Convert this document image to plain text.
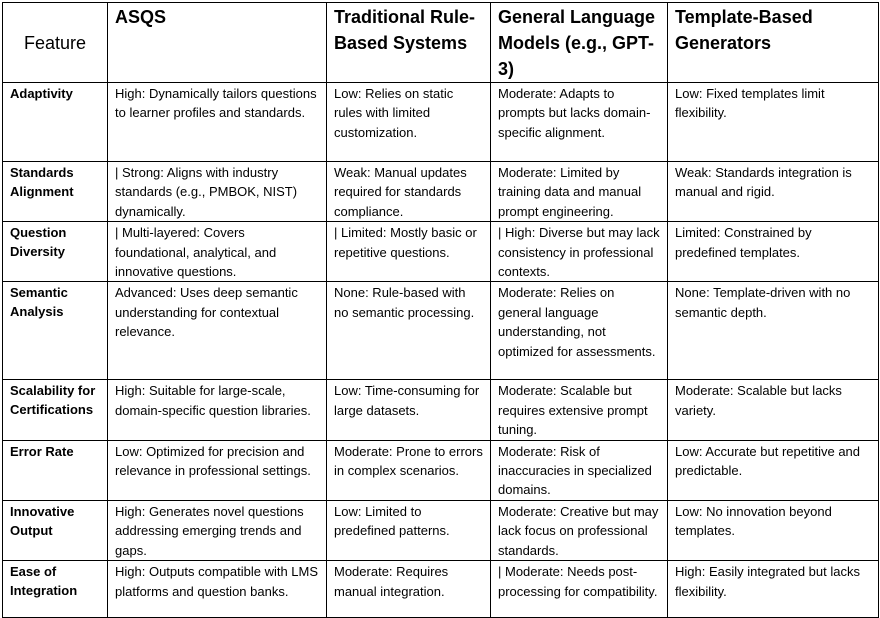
Feature	ASQS	Traditional Rule-Based Systems	General Language Models (e.g., GPT-3)	Template-Based Generators
Adaptivity	High: Dynamically tailors questions to learner profiles and standards.	Low: Relies on static rules with limited customization.	Moderate: Adapts to prompts but lacks domain-specific alignment.	Low: Fixed templates limit flexibility.
Standards Alignment	| Strong: Aligns with industry standards (e.g., PMBOK, NIST) dynamically.	Weak: Manual updates required for standards compliance.	Moderate: Limited by training data and manual prompt engineering.	Weak: Standards integration is manual and rigid.
Question Diversity	| Multi-layered: Covers foundational, analytical, and innovative questions.	| Limited: Mostly basic or repetitive questions.	| High: Diverse but may lack consistency in professional contexts.	Limited: Constrained by predefined templates.
Semantic Analysis	Advanced: Uses deep semantic understanding for contextual relevance.	None: Rule-based with no semantic processing.	Moderate: Relies on general language understanding, not optimized for assessments.	None: Template-driven with no semantic depth.
Scalability for Certifications	High: Suitable for large-scale, domain-specific question libraries.	Low: Time-consuming for large datasets.	Moderate: Scalable but requires extensive prompt tuning.	Moderate: Scalable but lacks variety.
Error Rate	Low: Optimized for precision and relevance in professional settings.	Moderate: Prone to errors in complex scenarios.	Moderate: Risk of inaccuracies in specialized domains.	Low: Accurate but repetitive and predictable.
Innovative Output	High: Generates novel questions addressing emerging trends and gaps.	Low: Limited to predefined patterns.	Moderate: Creative but may lack focus on professional standards.	Low: No innovation beyond templates.
Ease of Integration	High: Outputs compatible with LMS platforms and question banks.	Moderate: Requires manual integration.	| Moderate: Needs post-processing for compatibility.	High: Easily integrated but lacks flexibility.
